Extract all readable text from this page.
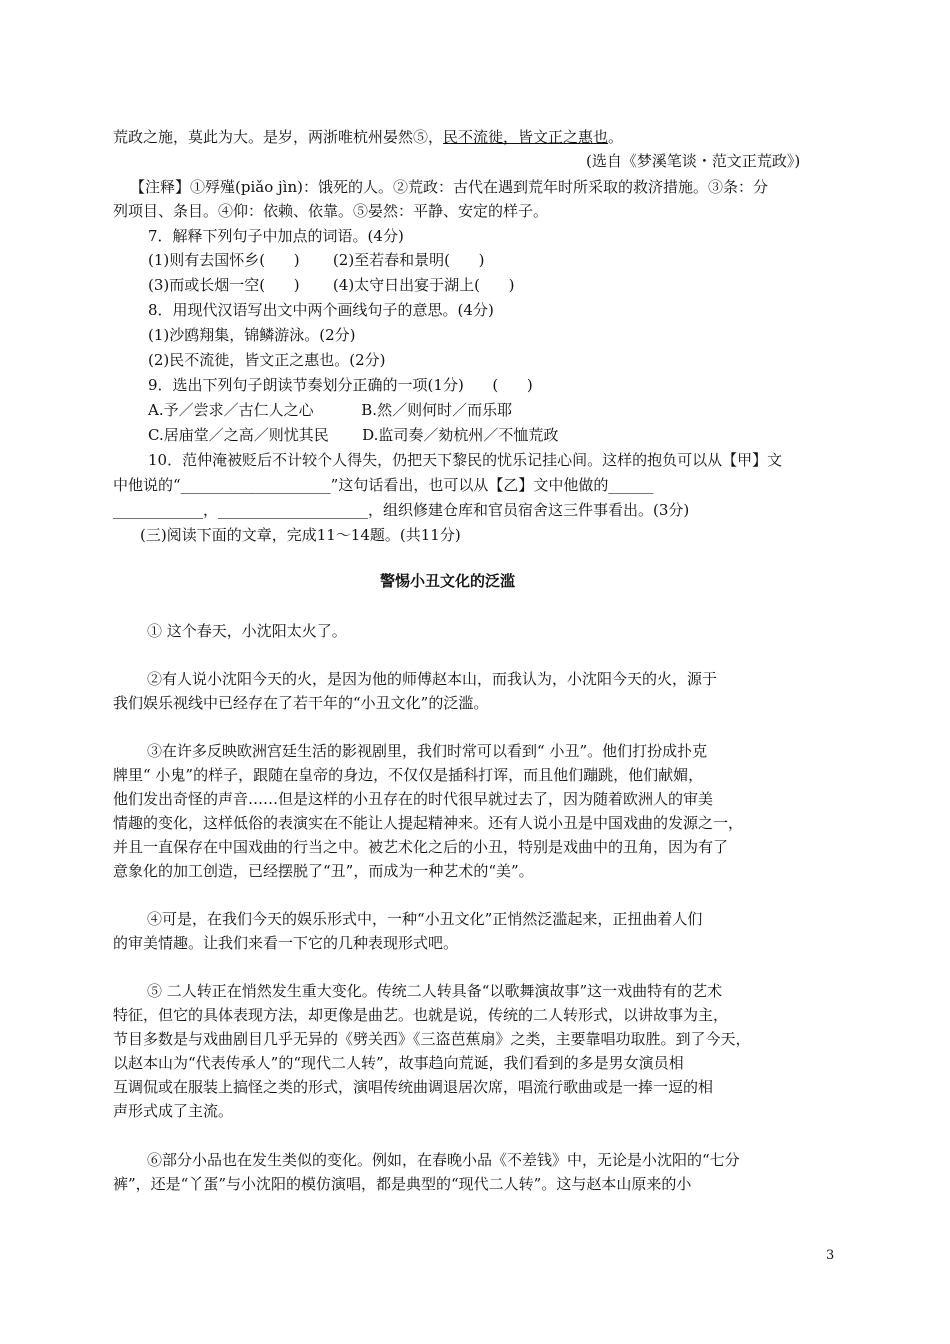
荒政之施，莫此为大。是岁，两浙唯杭州晏然⑤，民不流徙，皆文正之惠也。
(选自《梦溪笔谈・范文正荒政》)
【注释】①殍殣(piǎo jìn)：饿死的人。②荒政：古代在遇到荒年时所采取的救济措施。③条：分
列项目、条目。④仰：依赖、依靠。⑤晏然：平静、安定的样子。
7．解释下列句子中加点的词语。(4分)
(1)则有去国怀乡(      )       (2)至若春和景明(      )
(3)而或长烟一空(      )       (4)太守日出宴于湖上(      )
8．用现代汉语写出文中两个画线句子的意思。(4分)
(1)沙鸥翔集，锦鳞游泳。(2分)
(2)民不流徙，皆文正之惠也。(2分)
9．选出下列句子朗读节奏划分正确的一项(1分)      (      )
A.予／尝求／古仁人之心          B.然／则何时／而乐耶
C.居庙堂／之高／则忧其民       D.监司奏／劾杭州／不恤荒政
10．范仲淹被贬后不计较个人得失，仍把天下黎民的忧乐记挂心间。这样的抱负可以从【甲】文
中他说的“____________________”这句话看出，也可以从【乙】文中他做的______
____________，____________________，组织修建仓库和官员宿舍这三件事看出。(3分)
(三)阅读下面的文章，完成11～14题。(共11分)
警惕小丑文化的泛滥
① 这个春天，小沈阳太火了。
②有人说小沈阳今天的火，是因为他的师傅赵本山，而我认为，小沈阳今天的火，源于
我们娱乐视线中已经存在了若干年的“小丑文化”的泛滥。
③在许多反映欧洲宫廷生活的影视剧里，我们时常可以看到“ 小丑”。他们打扮成扑克
牌里“ 小鬼”的样子，跟随在皇帝的身边，不仅仅是插科打诨，而且他们蹦跳，他们献媚，
他们发出奇怪的声音……但是这样的小丑存在的时代很早就过去了，因为随着欧洲人的审美
情趣的变化，这样低俗的表演实在不能让人提起精神来。还有人说小丑是中国戏曲的发源之一，
并且一直保存在中国戏曲的行当之中。被艺术化之后的小丑，特别是戏曲中的丑角，因为有了
意象化的加工创造，已经摆脱了“丑”，而成为一种艺术的“美”。
④可是，在我们今天的娱乐形式中，一种“小丑文化”正悄然泛滥起来，正扭曲着人们
的审美情趣。让我们来看一下它的几种表现形式吧。
⑤ 二人转正在悄然发生重大变化。传统二人转具备“以歌舞演故事”这一戏曲特有的艺术
特征，但它的具体表现方法，却更像是曲艺。也就是说，传统的二人转形式，以讲故事为主，
节目多数是与戏曲剧目几乎无异的《劈关西》《三盗芭蕉扇》之类，主要靠唱功取胜。到了今天，
以赵本山为“代表传承人”的“现代二人转”，故事趋向荒诞，我们看到的多是男女演员相
互调侃或在服装上搞怪之类的形式，演唱传统曲调退居次席，唱流行歌曲或是一捧一逗的相
声形式成了主流。
⑥部分小品也在发生类似的变化。例如，在春晚小品《不差钱》中，无论是小沈阳的“七分
裤”，还是“丫蛋”与小沈阳的模仿演唱，都是典型的“现代二人转”。这与赵本山原来的小
3
